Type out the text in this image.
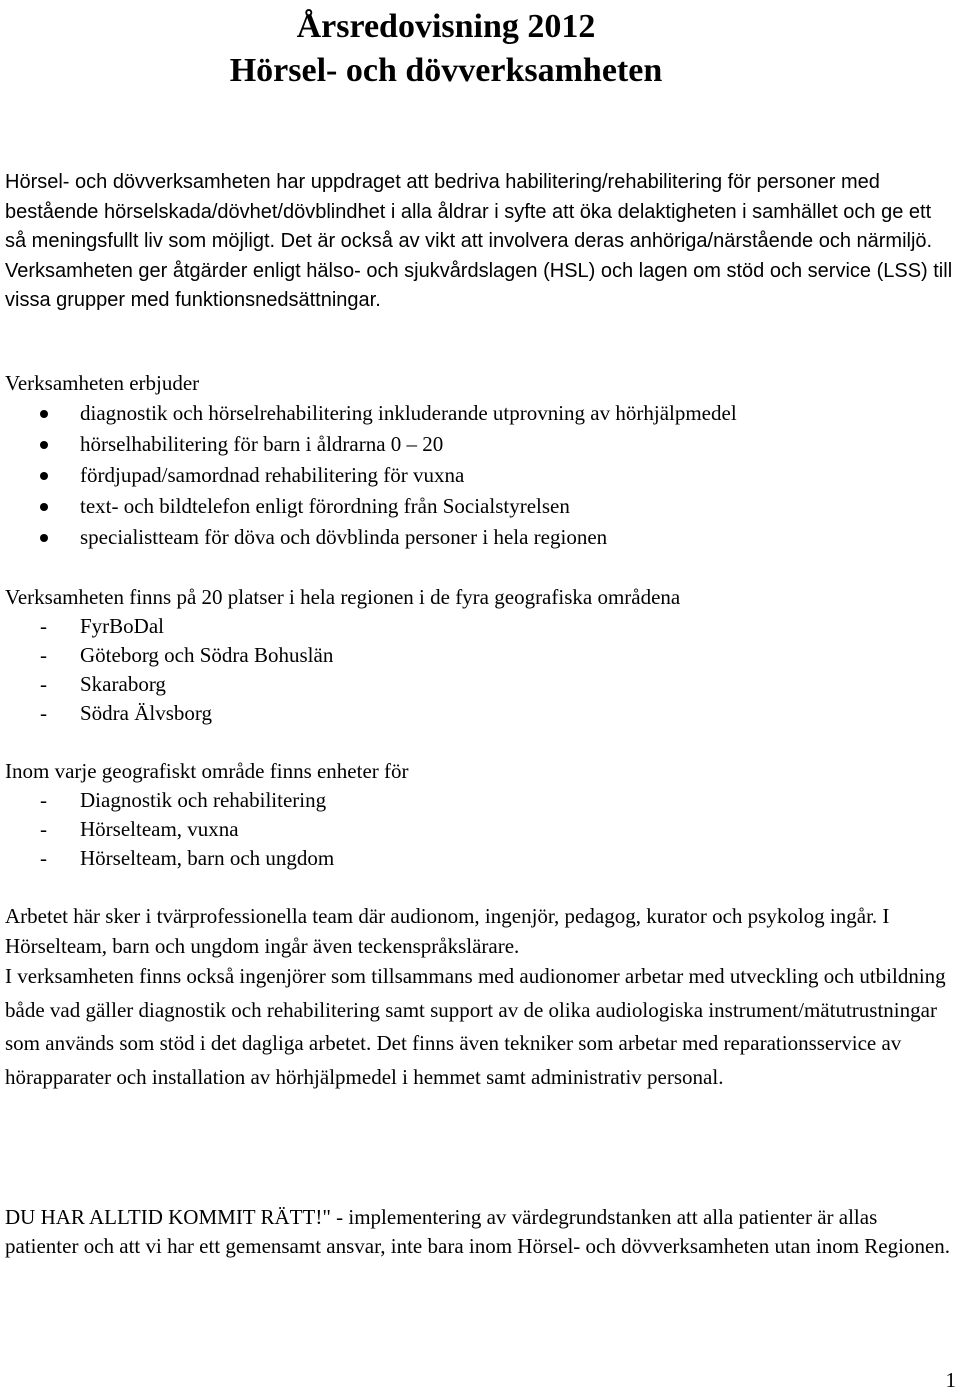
Årsredovisning 2012
Hörsel- och dövverksamheten

Hörsel- och dövverksamheten har uppdraget att bedriva habilitering/rehabilitering för personer med bestående hörselskada/dövhet/dövblindhet i alla åldrar i syfte att öka delaktigheten i samhället och ge ett så meningsfullt liv som möjligt. Det är också av vikt att involvera deras anhöriga/närstående och närmiljö. Verksamheten ger åtgärder enligt hälso- och sjukvårdslagen (HSL) och lagen om stöd och service (LSS) till vissa grupper med funktionsnedsättningar.

Verksamheten erbjuder

diagnostik och hörselrehabilitering inkluderande utprovning av hörhjälpmedel
hörselhabilitering för barn i åldrarna 0 – 20
fördjupad/samordnad rehabilitering för vuxna
text- och bildtelefon enligt förordning från Socialstyrelsen
specialistteam för döva och dövblinda personer i hela regionen

Verksamheten finns på 20 platser i hela regionen i de fyra geografiska områdena

- FyrBoDal
- Göteborg och Södra Bohuslän
- Skaraborg
- Södra Älvsborg

Inom varje geografiskt område finns enheter för

- Diagnostik och rehabilitering
- Hörselteam, vuxna
- Hörselteam, barn och ungdom

Arbetet här sker i tvärprofessionella team där audionom, ingenjör, pedagog, kurator och psykolog ingår. I Hörselteam, barn och ungdom ingår även teckenspråkslärare.

I verksamheten finns också ingenjörer som tillsammans med audionomer arbetar med utveckling och utbildning både vad gäller diagnostik och rehabilitering samt support av de olika audiologiska instrument/mätutrustningar som används som stöd i det dagliga arbetet. Det finns även tekniker som arbetar med reparationsservice av hörapparater och installation av hörhjälpmedel i hemmet samt administrativ personal.

DU HAR ALLTID KOMMIT RÄTT!" - implementering av värdegrundstanken att alla patienter är allas patienter och att vi har ett gemensamt ansvar, inte bara inom Hörsel- och dövverksamheten utan inom Regionen.

1
